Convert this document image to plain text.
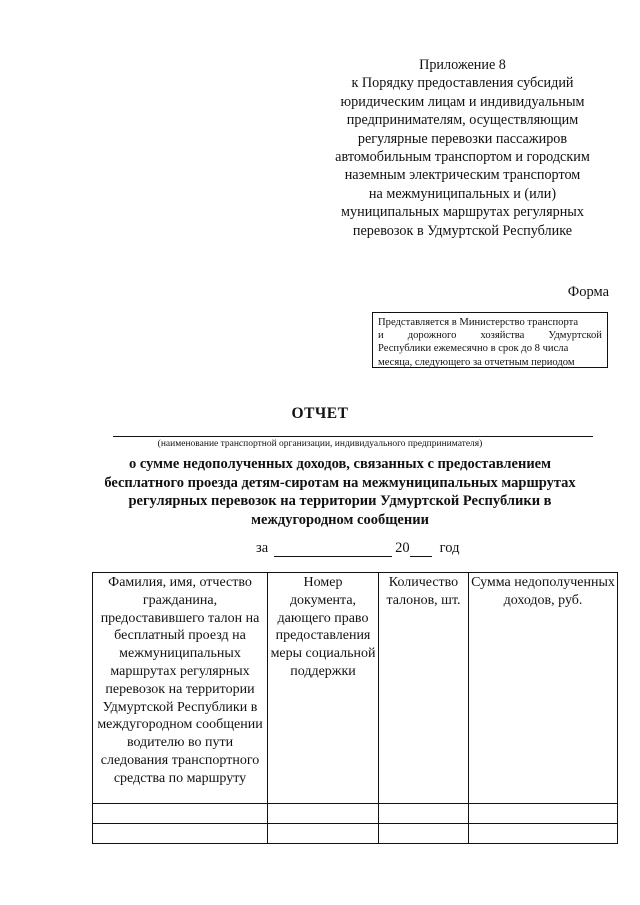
Приложение 8
к Порядку предоставления субсидий
юридическим лицам и индивидуальным
предпринимателям, осуществляющим
регулярные перевозки пассажиров
автомобильным транспортом и городским
наземным электрическим транспортом
на межмуниципальных и (или)
муниципальных маршрутах регулярных
перевозок в Удмуртской Республике
Форма
Представляется в Министерство транспорта
и дорожного хозяйства Удмуртской
Республики ежемесячно в срок до 8 числа
месяца, следующего за отчетным периодом
ОТЧЕТ
(наименование транспортной организации, индивидуального предпринимателя)
о сумме недополученных доходов, связанных с предоставлением
бесплатного проезда детям-сиротам на межмуниципальных маршрутах
регулярных перевозок на территории Удмуртской Республики в
междугородном сообщении
за	20 год
Фамилия, имя, отчество гражданина, предоставившего талон на бесплатный проезд на межмуниципальных маршрутах регулярных перевозок на территории Удмуртской Республики в междугородном сообщении водителю во пути следования транспортного средства по маршруту	Номер документа, дающего право предоставления меры социальной поддержки	Количество талонов, шт.	Сумма недополученных доходов, руб.
